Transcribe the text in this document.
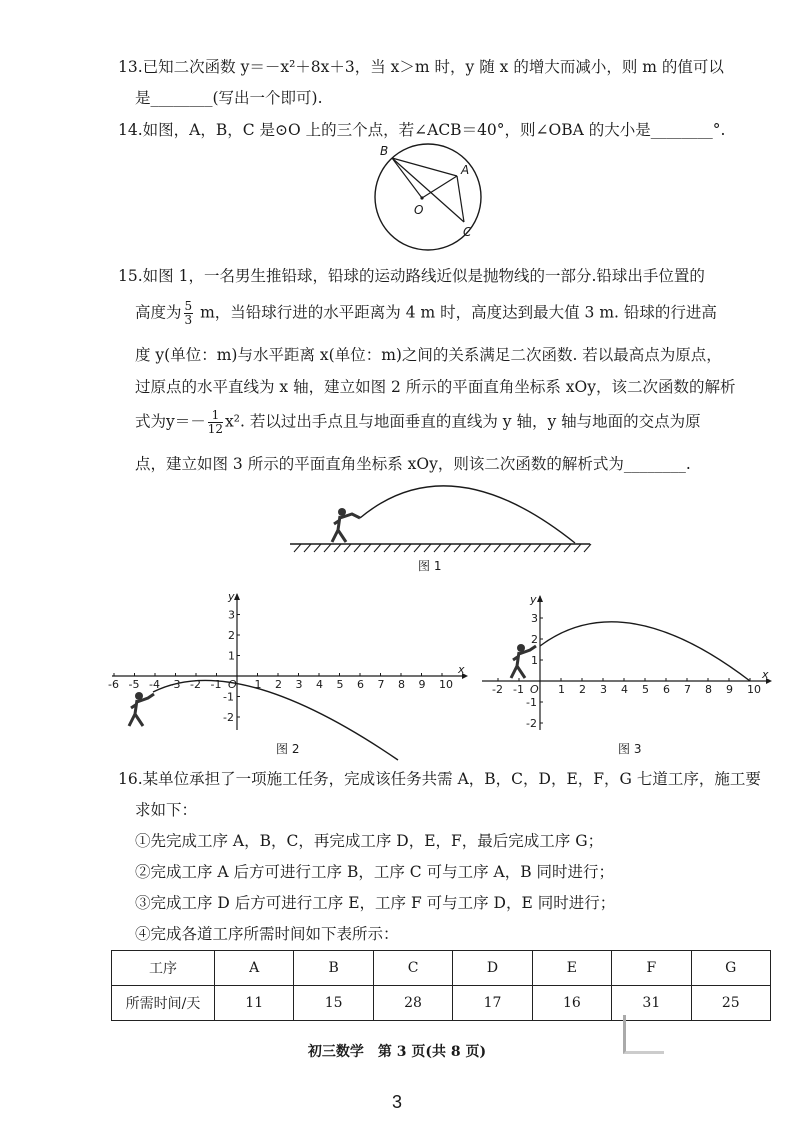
13.已知二次函数 y＝－x²＋8x＋3，当 x＞m 时，y 随 x 的增大而减小，则 m 的值可以
是________(写出一个即可).
14.如图，A，B，C 是⊙O 上的三个点，若∠ACB＝40°，则∠OBA 的大小是________°.
B
A
O
C
15.如图 1，一名男生推铅球，铅球的运动路线近似是抛物线的一部分.铅球出手位置的
高度为 $\frac{5}{3}$ m，当铅球行进的水平距离为 4 m 时，高度达到最大值 3 m. 铅球的行进高
度 y(单位：m)与水平距离 x(单位：m)之间的关系满足二次函数. 若以最高点为原点，
过原点的水平直线为 x 轴，建立如图 2 所示的平面直角坐标系 xOy，该二次函数的解析
式为$y=- \frac{1}{12} x^2$. 若以过出手点且与地面垂直的直线为 y 轴，y 轴与地面的交点为原
点，建立如图 3 所示的平面直角坐标系 xOy，则该二次函数的解析式为________.
图 1
x
y
O
-6 -5 -4 -3 -2 -1	1 2 3 4 5 6 7 8 9 10
3
2
1
-1
-2
图 2
x
y
O
-2 -1	1 2 3 4 5 6 7 8 9 10
3
2
1
-1
-2
图 3
16.某单位承担了一项施工任务，完成该任务共需 A，B，C，D，E，F，G 七道工序，施工要
求如下：
①先完成工序 A，B，C，再完成工序 D，E，F，最后完成工序 G；
②完成工序 A 后方可进行工序 B，工序 C 可与工序 A，B 同时进行；
③完成工序 D 后方可进行工序 E，工序 F 可与工序 D，E 同时进行；
④完成各道工序所需时间如下表所示：
工序	A	B	C	D	E	F	G
所需时间/天	11	15	28	17	16	31	25
初三数学　第 3 页(共 8 页)
3
